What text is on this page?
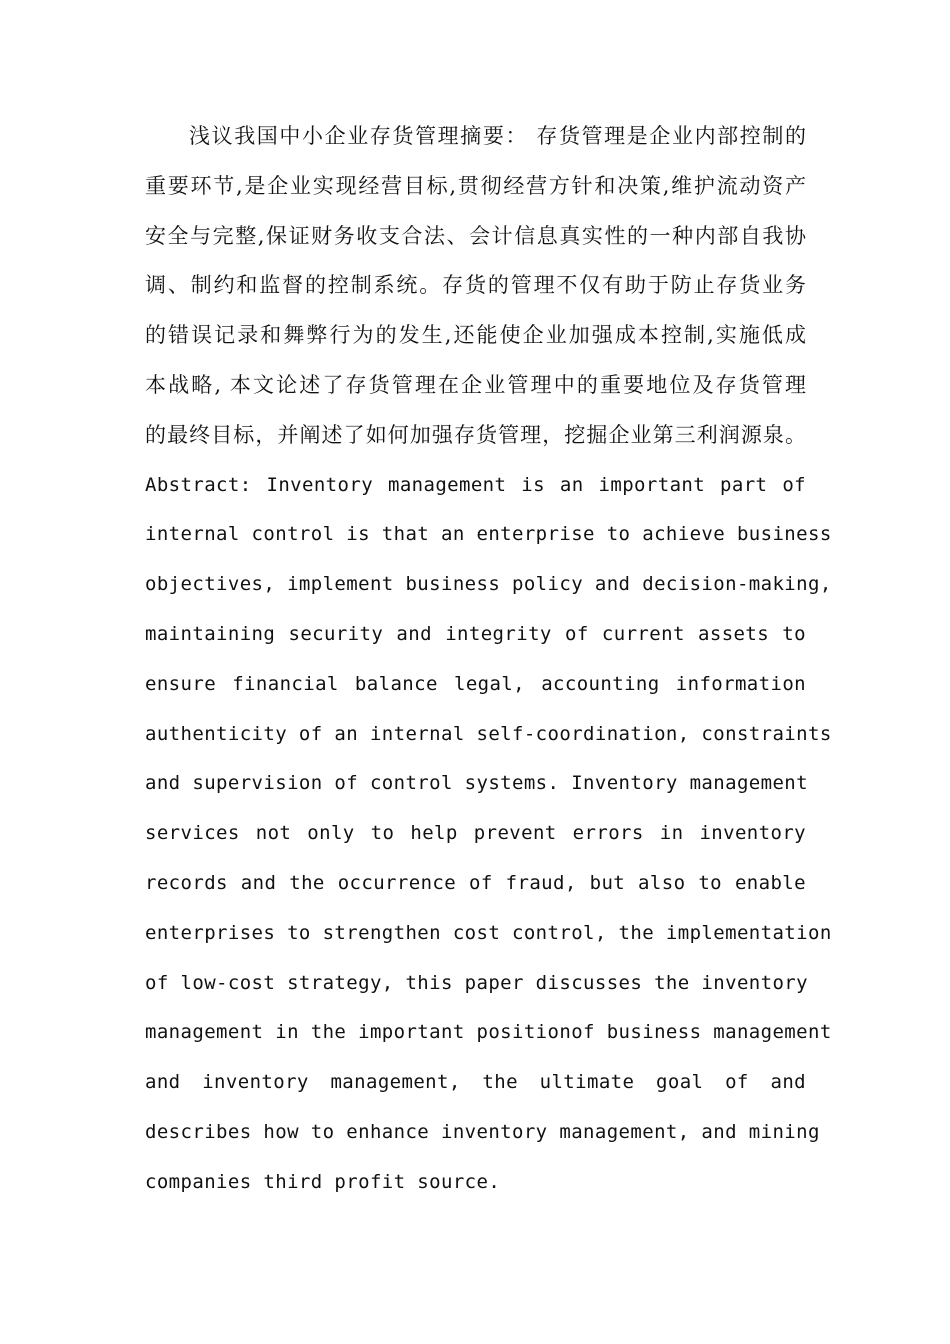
浅议我国中小企业存货管理摘要： 存货管理是企业内部控制的
重要环节,是企业实现经营目标,贯彻经营方针和决策,维护流动资产
安全与完整,保证财务收支合法、会计信息真实性的一种内部自我协
调、制约和监督的控制系统。存货的管理不仅有助于防止存货业务
的错误记录和舞弊行为的发生,还能使企业加强成本控制,实施低成
本战略, 本文论述了存货管理在企业管理中的重要地位及存货管理
的最终目标，并阐述了如何加强存货管理，挖掘企业第三利润源泉。
Abstract: Inventory management is an important part of
internal control is that an enterprise to achieve business
objectives, implement business policy and decision-making,
maintaining security and integrity of current assets to
ensure financial balance legal, accounting information
authenticity of an internal self-coordination, constraints
and supervision of control systems. Inventory management
services not only to help prevent errors in inventory
records and the occurrence of fraud, but also to enable
enterprises to strengthen cost control, the implementation
of low-cost strategy, this paper discusses the inventory
management in the important positionof business management
and inventory management, the ultimate goal of and
describes how to enhance inventory management, and mining
companies third profit source.
